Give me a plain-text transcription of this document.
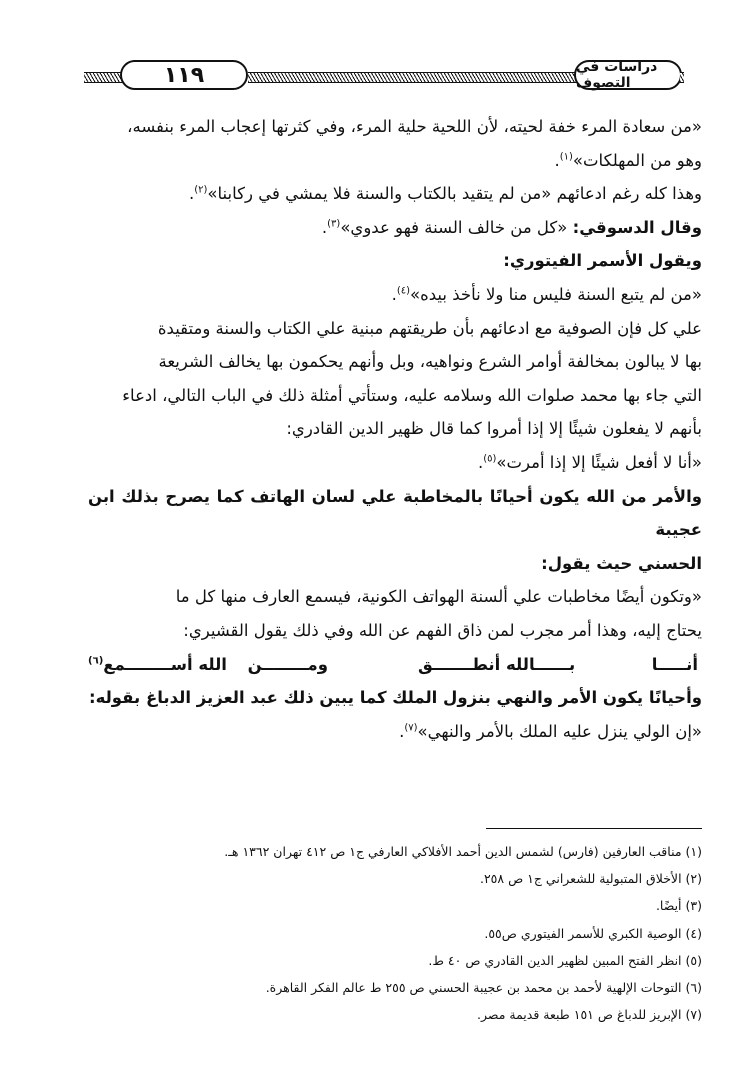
١١٩	دراسات في التصوف

«من سعادة المرء خفة لحيته، لأن اللحية حلية المرء، وفي كثرتها إعجاب المرء بنفسه،

وهو من المهلكات»$^{(١)}$.

وهذا كله رغم ادعائهم «من لم يتقيد بالكتاب والسنة فلا يمشي في ركابنا»$^{(٢)}$.

وقال الدسوقي: «كل من خالف السنة فهو عدوي»$^{(٣)}$.

ويقول الأسمر الفيتوري:

«من لم يتبع السنة فليس منا ولا نأخذ بيده»$^{(٤)}$.

علي كل فإن الصوفية مع ادعائهم بأن طريقتهم مبنية علي الكتاب والسنة ومتقيدة

بها لا يبالون بمخالفة أوامر الشرع ونواهيه، وبل وأنهم يحكمون بها يخالف الشريعة

التي جاء بها محمد صلوات الله وسلامه عليه، وستأتي أمثلة ذلك في الباب التالي، ادعاء

بأنهم لا يفعلون شيئًا إلا إذا أمروا كما قال ظهير الدين القادري:

«أنا لا أفعل شيئًا إلا إذا أمرت»$^{(٥)}$.

والأمر من الله يكون أحيانًا بالمخاطبة علي لسان الهاتف كما يصرح بذلك ابن عجيبة

الحسني حيث يقول:

«وتكون أيضًا مخاطبات علي ألسنة الهواتف الكونية، فيسمع العارف منها كل ما

يحتاج إليه، وهذا أمر مجرب لمن ذاق الفهم عن الله وفي ذلك يقول القشيري:

أنـــــا
بــــــالله أنطـــــــق
ومــــــــن
الله أســــــــمع$^{(٦)}$

وأحيانًا يكون الأمر والنهي بنزول الملك كما يبين ذلك عبد العزيز الدباغ بقوله:

«إن الولي ينزل عليه الملك بالأمر والنهي»$^{(٧)}$.

(١) مناقب العارفين (فارس) لشمس الدين أحمد الأفلاكي العارفي ج١ ص ٤١٢ تهران ١٣٦٢ هـ.

(٢) الأخلاق المتبولية للشعراني ج١ ص ٢٥٨.

(٣) أيضًا.

(٤) الوصية الكبري للأسمر الفيتوري ص٥٥.

(٥) انظر الفتح المبين لظهير الدين القادري ص ٤٠ ط.

(٦) التوحات الإلهية لأحمد بن محمد بن عجيبة الحسني ص ٢٥٥ ط عالم الفكر القاهرة.

(٧) الإبريز للدباغ ص ١٥١ طبعة قديمة مصر.
